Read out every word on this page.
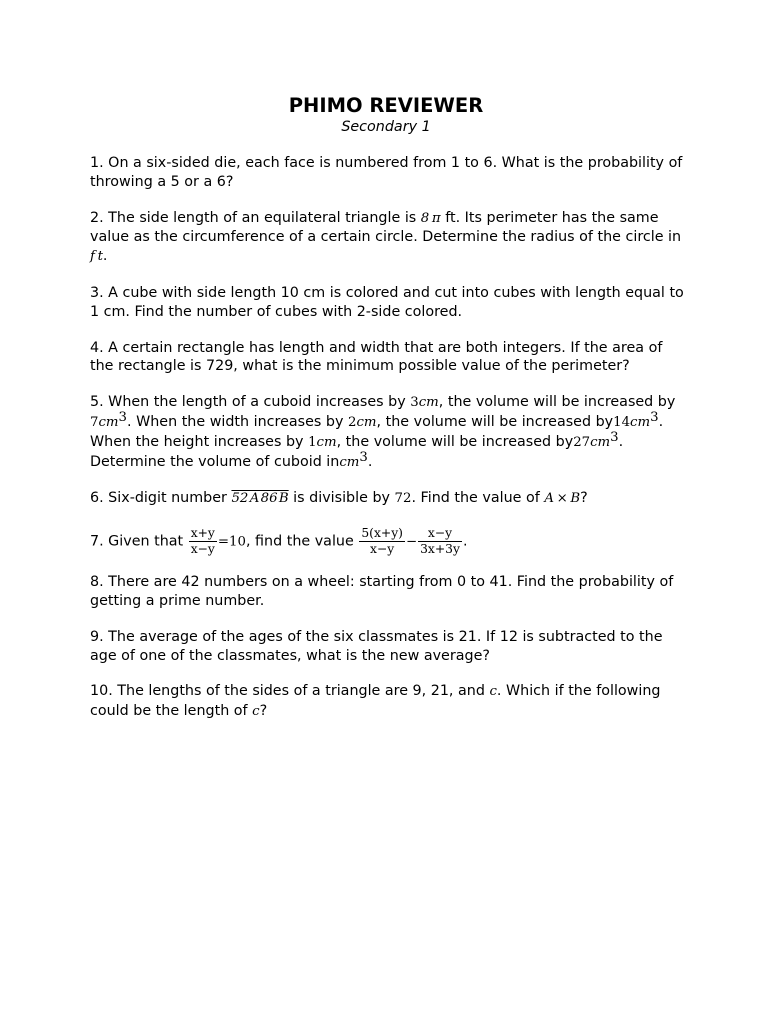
PHIMO REVIEWER
Secondary 1
1. On a six-sided die, each face is numbered from 1 to 6. What is the probability of throwing a 5 or a 6?
2. The side length of an equilateral triangle is 8 π ft. Its perimeter has the same value as the circumference of a certain circle. Determine the radius of the circle in f t.
3. A cube with side length 10 cm is colored and cut into cubes with length equal to 1 cm. Find the number of cubes with 2-side colored.
4. A certain rectangle has length and width that are both integers. If the area of the rectangle is 729, what is the minimum possible value of the perimeter?
5. When the length of a cuboid increases by 3cm, the volume will be increased by $7cm^3$. When the width increases by 2cm, the volume will be increased $by14cm^3$. When the height increases by 1cm, the volume will be increased $by27cm^3$. Determine the volume of cuboid incm$^3$.
6. Six-digit number 52 A 86 B is divisible by 72. Find the value of A × B?
7. Given that $\frac{x+y}{x-y} =10$, find the value $\frac{5(x+y)}{x-y} - \frac{x-y}{3x+3y}$ .
8. There are 42 numbers on a wheel: starting from 0 to 41. Find the probability of getting a prime number.
9. The average of the ages of the six classmates is 21. If 12 is subtracted to the age of one of the classmates, what is the new average?
10. The lengths of the sides of a triangle are 9, 21, and c. Which if the following could be the length of c?
